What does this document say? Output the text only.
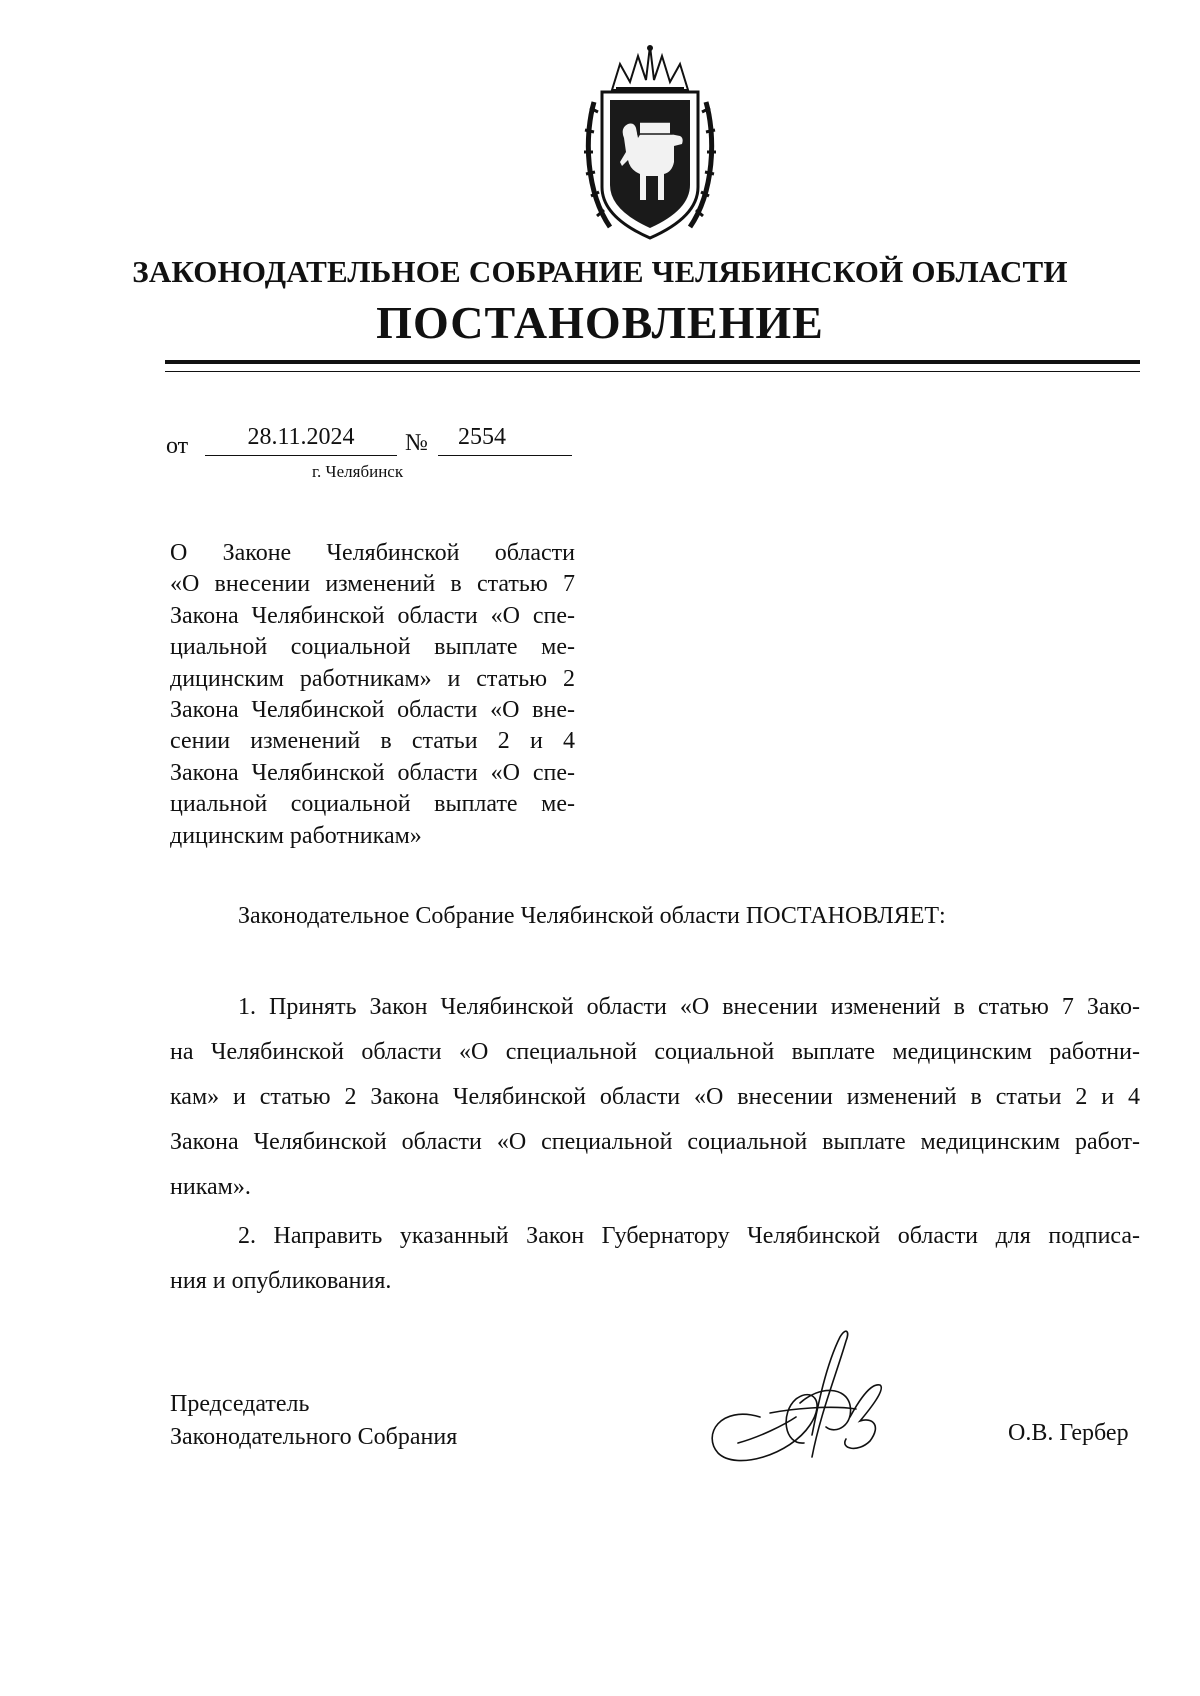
ЗАКОНОДАТЕЛЬНОЕ СОБРАНИЕ ЧЕЛЯБИНСКОЙ ОБЛАСТИ
ПОСТАНОВЛЕНИЕ
от	28.11.2024	№	2554
г. Челябинск
О Законе Челябинской области
«О внесении изменений в статью 7
Закона Челябинской области «О спе-
циальной социальной выплате ме-
дицинским работникам» и статью 2
Закона Челябинской области «О вне-
сении изменений в статьи 2 и 4
Закона Челябинской области «О спе-
циальной социальной выплате ме-
дицинским работникам»
Законодательное Собрание Челябинской области ПОСТАНОВЛЯЕТ:
1. Принять Закон Челябинской области «О внесении изменений в статью 7 Зако-
на Челябинской области «О специальной социальной выплате медицинским работни-
кам» и статью 2 Закона Челябинской области «О внесении изменений в статьи 2 и 4
Закона Челябинской области «О специальной социальной выплате медицинским работ-
никам».
2. Направить указанный Закон Губернатору Челябинской области для подписа-
ния и опубликования.
Председатель
Законодательного Собрания	О.В. Гербер
